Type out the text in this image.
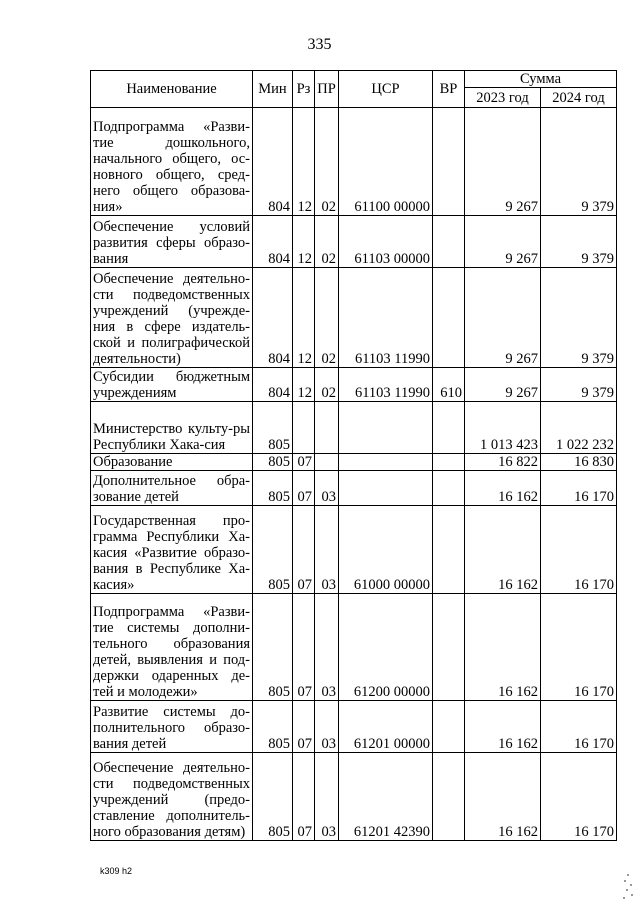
335
Наименование	Мин	Рз	ПР	ЦСР	ВР	Сумма	
						2023 год	2024 год
Подпрограмма «Разви-тие дошкольного, начального общего, ос-новного общего, сред-него общего образова-ния»	804	12	02	61100 00000		9 267	9 379
Обеспечение условий развития сферы образо-вания	804	12	02	61103 00000		9 267	9 379
Обеспечение деятельно-сти подведомственных учреждений (учрежде-ния в сфере издатель-ской и полиграфической деятельности)	804	12	02	61103 11990		9 267	9 379
Субсидии бюджетным учреждениям	804	12	02	61103 11990	610	9 267	9 379
Министерство культу-ры Республики Хака-сия	805					1 013 423	1 022 232
Образование	805	07				16 822	16 830
Дополнительное обра-зование детей	805	07	03			16 162	16 170
Государственная про-грамма Республики Ха-касия «Развитие образо-вания в Республике Ха-касия»	805	07	03	61000 00000		16 162	16 170
Подпрограмма «Разви-тие системы дополни-тельного образования детей, выявления и под-держки одаренных де-тей и молодежи»	805	07	03	61200 00000		16 162	16 170
Развитие системы до-полнительного образо-вания детей	805	07	03	61201 00000		16 162	16 170
Обеспечение деятельно-сти подведомственных учреждений (предо-ставление дополнитель-ного образования детям)	805	07	03	61201 42390		16 162	16 170
k309 h2
